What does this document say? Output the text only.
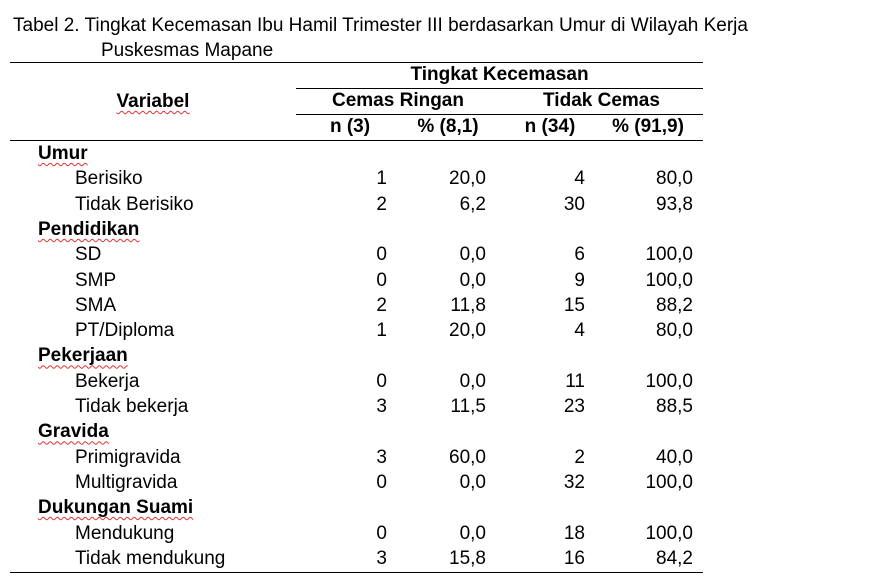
Tabel 2. Tingkat Kecemasan Ibu Hamil Trimester III berdasarkan Umur di Wilayah Kerja
Puskesmas Mapane
Tingkat Kecemasan
Variabel	Cemas Ringan	Tidak Cemas
n (3)	% (8,1)	n (34)	% (91,9)
Umur
Berisiko	1	20,0	4	80,0
Tidak Berisiko	2	6,2	30	93,8
Pendidikan
SD	0	0,0	6	100,0
SMP	0	0,0	9	100,0
SMA	2	11,8	15	88,2
PT/Diploma	1	20,0	4	80,0
Pekerjaan
Bekerja	0	0,0	11	100,0
Tidak bekerja	3	11,5	23	88,5
Gravida
Primigravida	3	60,0	2	40,0
Multigravida	0	0,0	32	100,0
Dukungan Suami
Mendukung	0	0,0	18	100,0
Tidak mendukung	3	15,8	16	84,2
